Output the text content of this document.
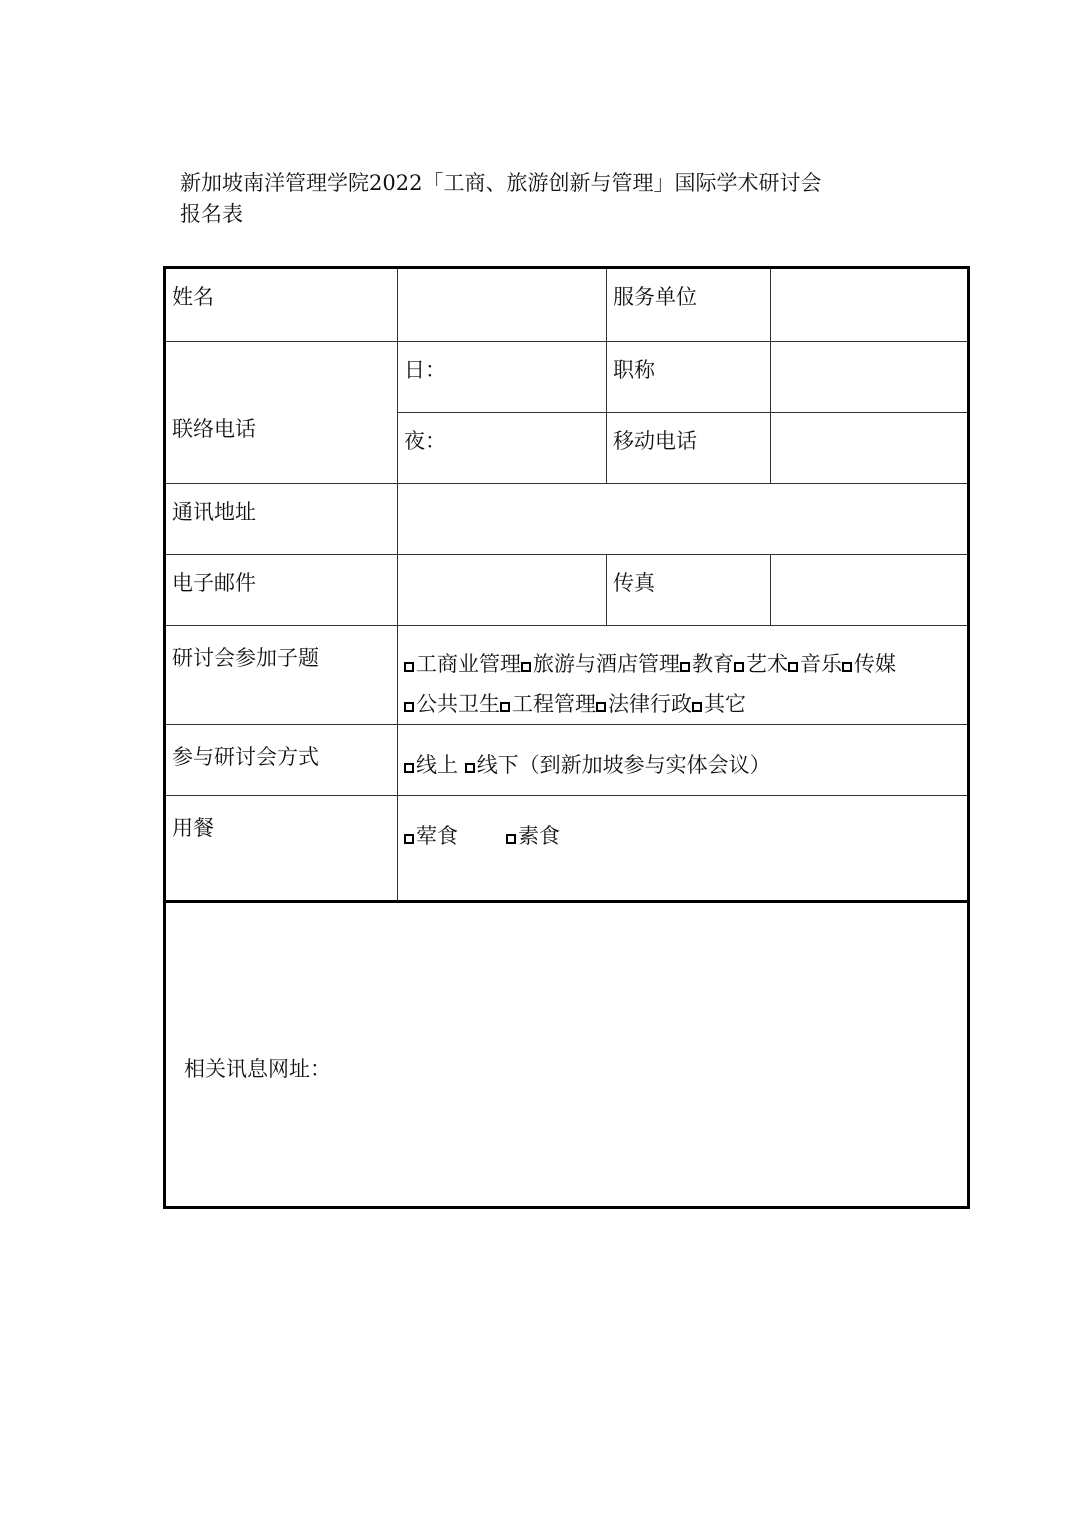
新加坡南洋管理学院2022「工商、旅游创新与管理」国际学术研讨会
报名表
姓名	服务单位
联络电话
日：	职称
夜：	移动电话
通讯地址
电子邮件	传真
研讨会参加子题	工商业管理 旅游与酒店管理 教育 艺术 音乐 传媒公共卫生 工程管理 法律行政 其它
参与研讨会方式	线上 线下（到新加坡参与实体会议）
用餐	荤食	素食
相关讯息网址：
